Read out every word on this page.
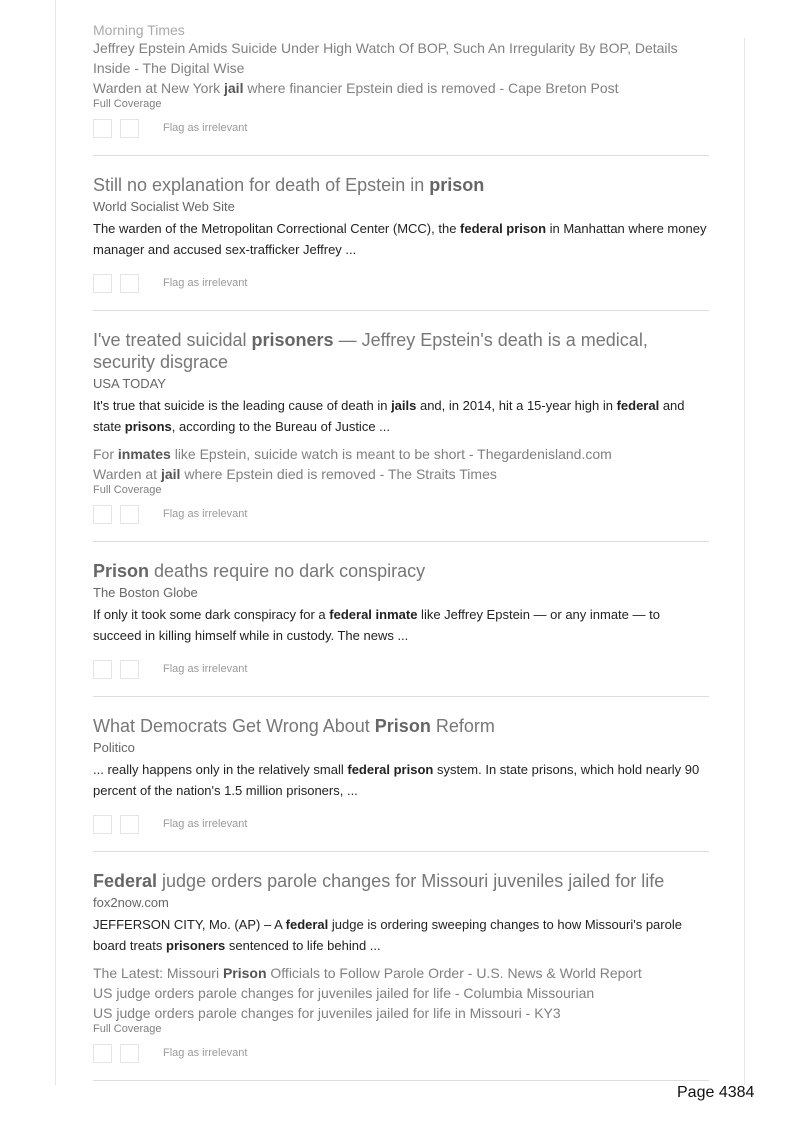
Morning Times
Jeffrey Epstein Amids Suicide Under High Watch Of BOP, Such An Irregularity By BOP, Details Inside - The Digital Wise
Warden at New York jail where financier Epstein died is removed - Cape Breton Post
Full Coverage
Flag as irrelevant
Still no explanation for death of Epstein in prison
World Socialist Web Site
The warden of the Metropolitan Correctional Center (MCC), the federal prison in Manhattan where money manager and accused sex-trafficker Jeffrey ...
Flag as irrelevant
I've treated suicidal prisoners — Jeffrey Epstein's death is a medical, security disgrace
USA TODAY
It's true that suicide is the leading cause of death in jails and, in 2014, hit a 15-year high in federal and state prisons, according to the Bureau of Justice ...
For inmates like Epstein, suicide watch is meant to be short - Thegardenisland.com
Warden at jail where Epstein died is removed - The Straits Times
Full Coverage
Flag as irrelevant
Prison deaths require no dark conspiracy
The Boston Globe
If only it took some dark conspiracy for a federal inmate like Jeffrey Epstein — or any inmate — to succeed in killing himself while in custody. The news ...
Flag as irrelevant
What Democrats Get Wrong About Prison Reform
Politico
... really happens only in the relatively small federal prison system. In state prisons, which hold nearly 90 percent of the nation's 1.5 million prisoners, ...
Flag as irrelevant
Federal judge orders parole changes for Missouri juveniles jailed for life
fox2now.com
JEFFERSON CITY, Mo. (AP) – A federal judge is ordering sweeping changes to how Missouri's parole board treats prisoners sentenced to life behind ...
The Latest: Missouri Prison Officials to Follow Parole Order - U.S. News & World Report
US judge orders parole changes for juveniles jailed for life - Columbia Missourian
US judge orders parole changes for juveniles jailed for life in Missouri - KY3
Full Coverage
Flag as irrelevant
Page 4384
